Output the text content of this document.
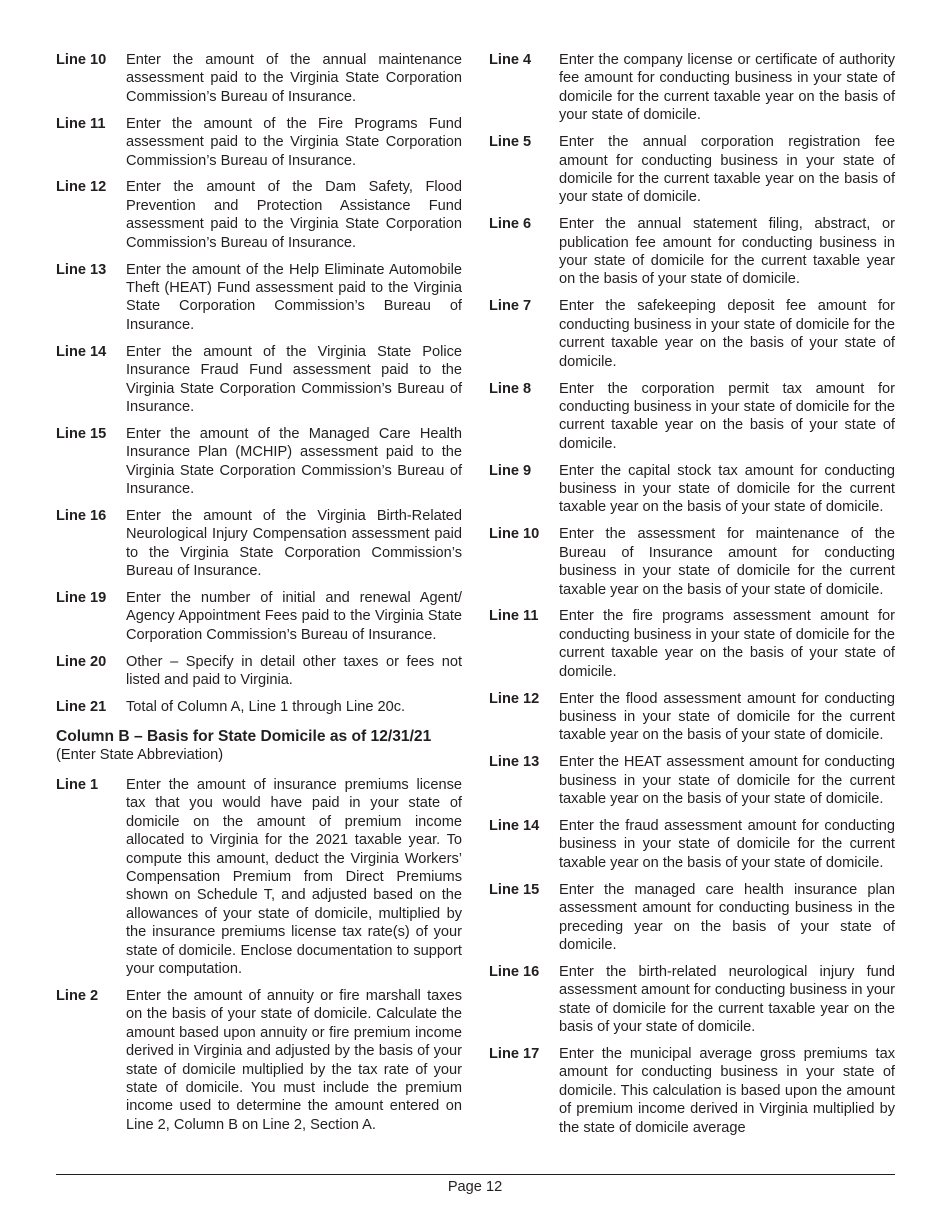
Line 10	Enter the amount of the annual maintenance assessment paid to the Virginia State Corporation Commission’s Bureau of Insurance.
Line 11	Enter the amount of the Fire Programs Fund assessment paid to the Virginia State Corporation Commission’s Bureau of Insurance.
Line 12	Enter the amount of the Dam Safety, Flood Prevention and Protection Assistance Fund assessment paid to the Virginia State Corporation Commission’s Bureau of Insurance.
Line 13	Enter the amount of the Help Eliminate Automobile Theft (HEAT) Fund assessment paid to the Virginia State Corporation Commission’s Bureau of Insurance.
Line 14	Enter the amount of the Virginia State Police Insurance Fraud Fund assessment paid to the Virginia State Corporation Commission’s Bureau of Insurance.
Line 15	Enter the amount of the Managed Care Health Insurance Plan (MCHIP) assessment paid to the Virginia State Corporation Commission’s Bureau of Insurance.
Line 16	Enter the amount of the Virginia Birth-Related Neurological Injury Compensation assessment paid to the Virginia State Corporation Commission’s Bureau of Insurance.
Line 19	Enter the number of initial and renewal Agent/ Agency Appointment Fees paid to the Virginia State Corporation Commission’s Bureau of Insurance.
Line 20	Other – Specify in detail other taxes or fees not listed and paid to Virginia.
Line 21	Total of Column A, Line 1 through Line 20c.
Column B – Basis for State Domicile as of 12/31/21
(Enter State Abbreviation)
Line 1	Enter the amount of insurance premiums license tax that you would have paid in your state of domicile on the amount of premium income allocated to Virginia for the 2021 taxable year. To compute this amount, deduct the Virginia Workers’ Compensation Premium from Direct Premiums shown on Schedule T, and adjusted based on the allowances of your state of domicile, multiplied by the insurance premiums license tax rate(s) of your state of domicile. Enclose documentation to support your computation.
Line 2	Enter the amount of annuity or fire marshall taxes on the basis of your state of domicile. Calculate the amount based upon annuity or fire premium income derived in Virginia and adjusted by the basis of your state of domicile multiplied by the tax rate of your state of domicile. You must include the premium income used to determine the amount entered on Line 2, Column B on Line 2, Section A.
Line 4	Enter the company license or certificate of authority fee amount for conducting business in your state of domicile for the current taxable year on the basis of your state of domicile.
Line 5	Enter the annual corporation registration fee amount for conducting business in your state of domicile for the current taxable year on the basis of your state of domicile.
Line 6	Enter the annual statement filing, abstract, or publication fee amount for conducting business in your state of domicile for the current taxable year on the basis of your state of domicile.
Line 7	Enter the safekeeping deposit fee amount for conducting business in your state of domicile for the current taxable year on the basis of your state of domicile.
Line 8	Enter the corporation permit tax amount for conducting business in your state of domicile for the current taxable year on the basis of your state of domicile.
Line 9	Enter the capital stock tax amount for conducting business in your state of domicile for the current taxable year on the basis of your state of domicile.
Line 10	Enter the assessment for maintenance of the Bureau of Insurance amount for conducting business in your state of domicile for the current taxable year on the basis of your state of domicile.
Line 11	Enter the fire programs assessment amount for conducting business in your state of domicile for the current taxable year on the basis of your state of domicile.
Line 12	Enter the flood assessment amount for conducting business in your state of domicile for the current taxable year on the basis of your state of domicile.
Line 13	Enter the HEAT assessment amount for conducting business in your state of domicile for the current taxable year on the basis of your state of domicile.
Line 14	Enter the fraud assessment amount for conducting business in your state of domicile for the current taxable year on the basis of your state of domicile.
Line 15	Enter the managed care health insurance plan assessment amount for conducting business in the preceding year on the basis of your state of domicile.
Line 16	Enter the birth-related neurological injury fund assessment amount for conducting business in your state of domicile for the current taxable year on the basis of your state of domicile.
Line 17	Enter the municipal average gross premiums tax amount for conducting business in your state of domicile. This calculation is based upon the amount of premium income derived in Virginia multiplied by the state of domicile average
Page 12
